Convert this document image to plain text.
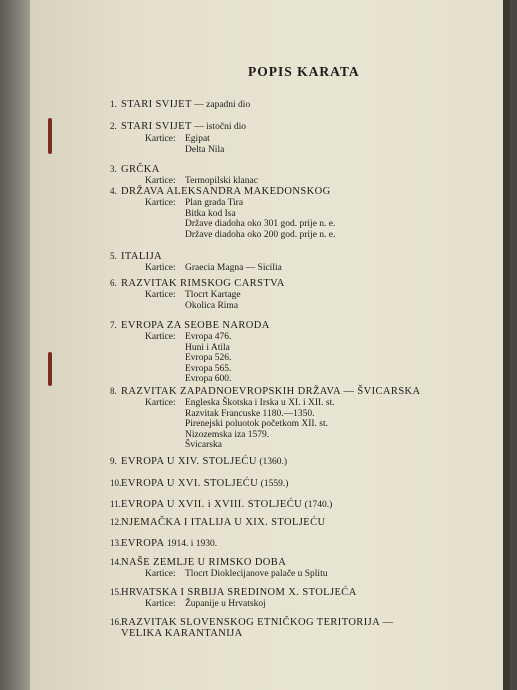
POPIS KARATA
1. STARI SVIJET — zapadni dio
2. STARI SVIJET — istočni dio
Kartice: Egipat
Delta Nila
3. GRČKA
Kartice: Termopilski klanac
4. DRŽAVA ALEKSANDRA MAKEDONSKOG
Kartice: Plan grada Tira
Bitka kod Isa
Države diadoha oko 301 god. prije n. e.
Države diadoha oko 200 god. prije n. e.
5. ITALIJA
Kartice: Graecia Magna — Sicilia
6. RAZVITAK RIMSKOG CARSTVA
Kartice: Tlocrt Kartage
Okolica Rima
7. EVROPA ZA SEOBE NARODA
Kartice: Evropa 476.
Huni i Atila
Evropa 526.
Evropa 565.
Evropa 600.
8. RAZVITAK ZAPADNOEVROPSKIH DRŽAVA — ŠVICARSKA
Kartice: Engleska Škotska i Irska u XI. i XII. st.
Razvitak Francuske 1180.—1350.
Pirenejski poluotok početkom XII. st.
Nizozemska iza 1579.
Švicarska
9. EVROPA U XIV. STOLJEĆU (1360.)
10.EVROPA U XVI. STOLJEĆU (1559.)
11.EVROPA U XVII. i XVIII. STOLJEĆU (1740.)
12.NJEMAČKA I ITALIJA U XIX. STOLJEĆU
13.EVROPA 1914. i 1930.
14.NAŠE ZEMLJE U RIMSKO DOBA
Kartice: Tlocrt Dioklecijanove palače u Splitu
15.HRVATSKA I SRBIJA SREDINOM X. STOLJEĆA
Kartice: Županije u Hrvatskoj
16.RAZVITAK SLOVENSKOG ETNIČKOG TERITORIJA —
VELIKA KARANTANIJA
